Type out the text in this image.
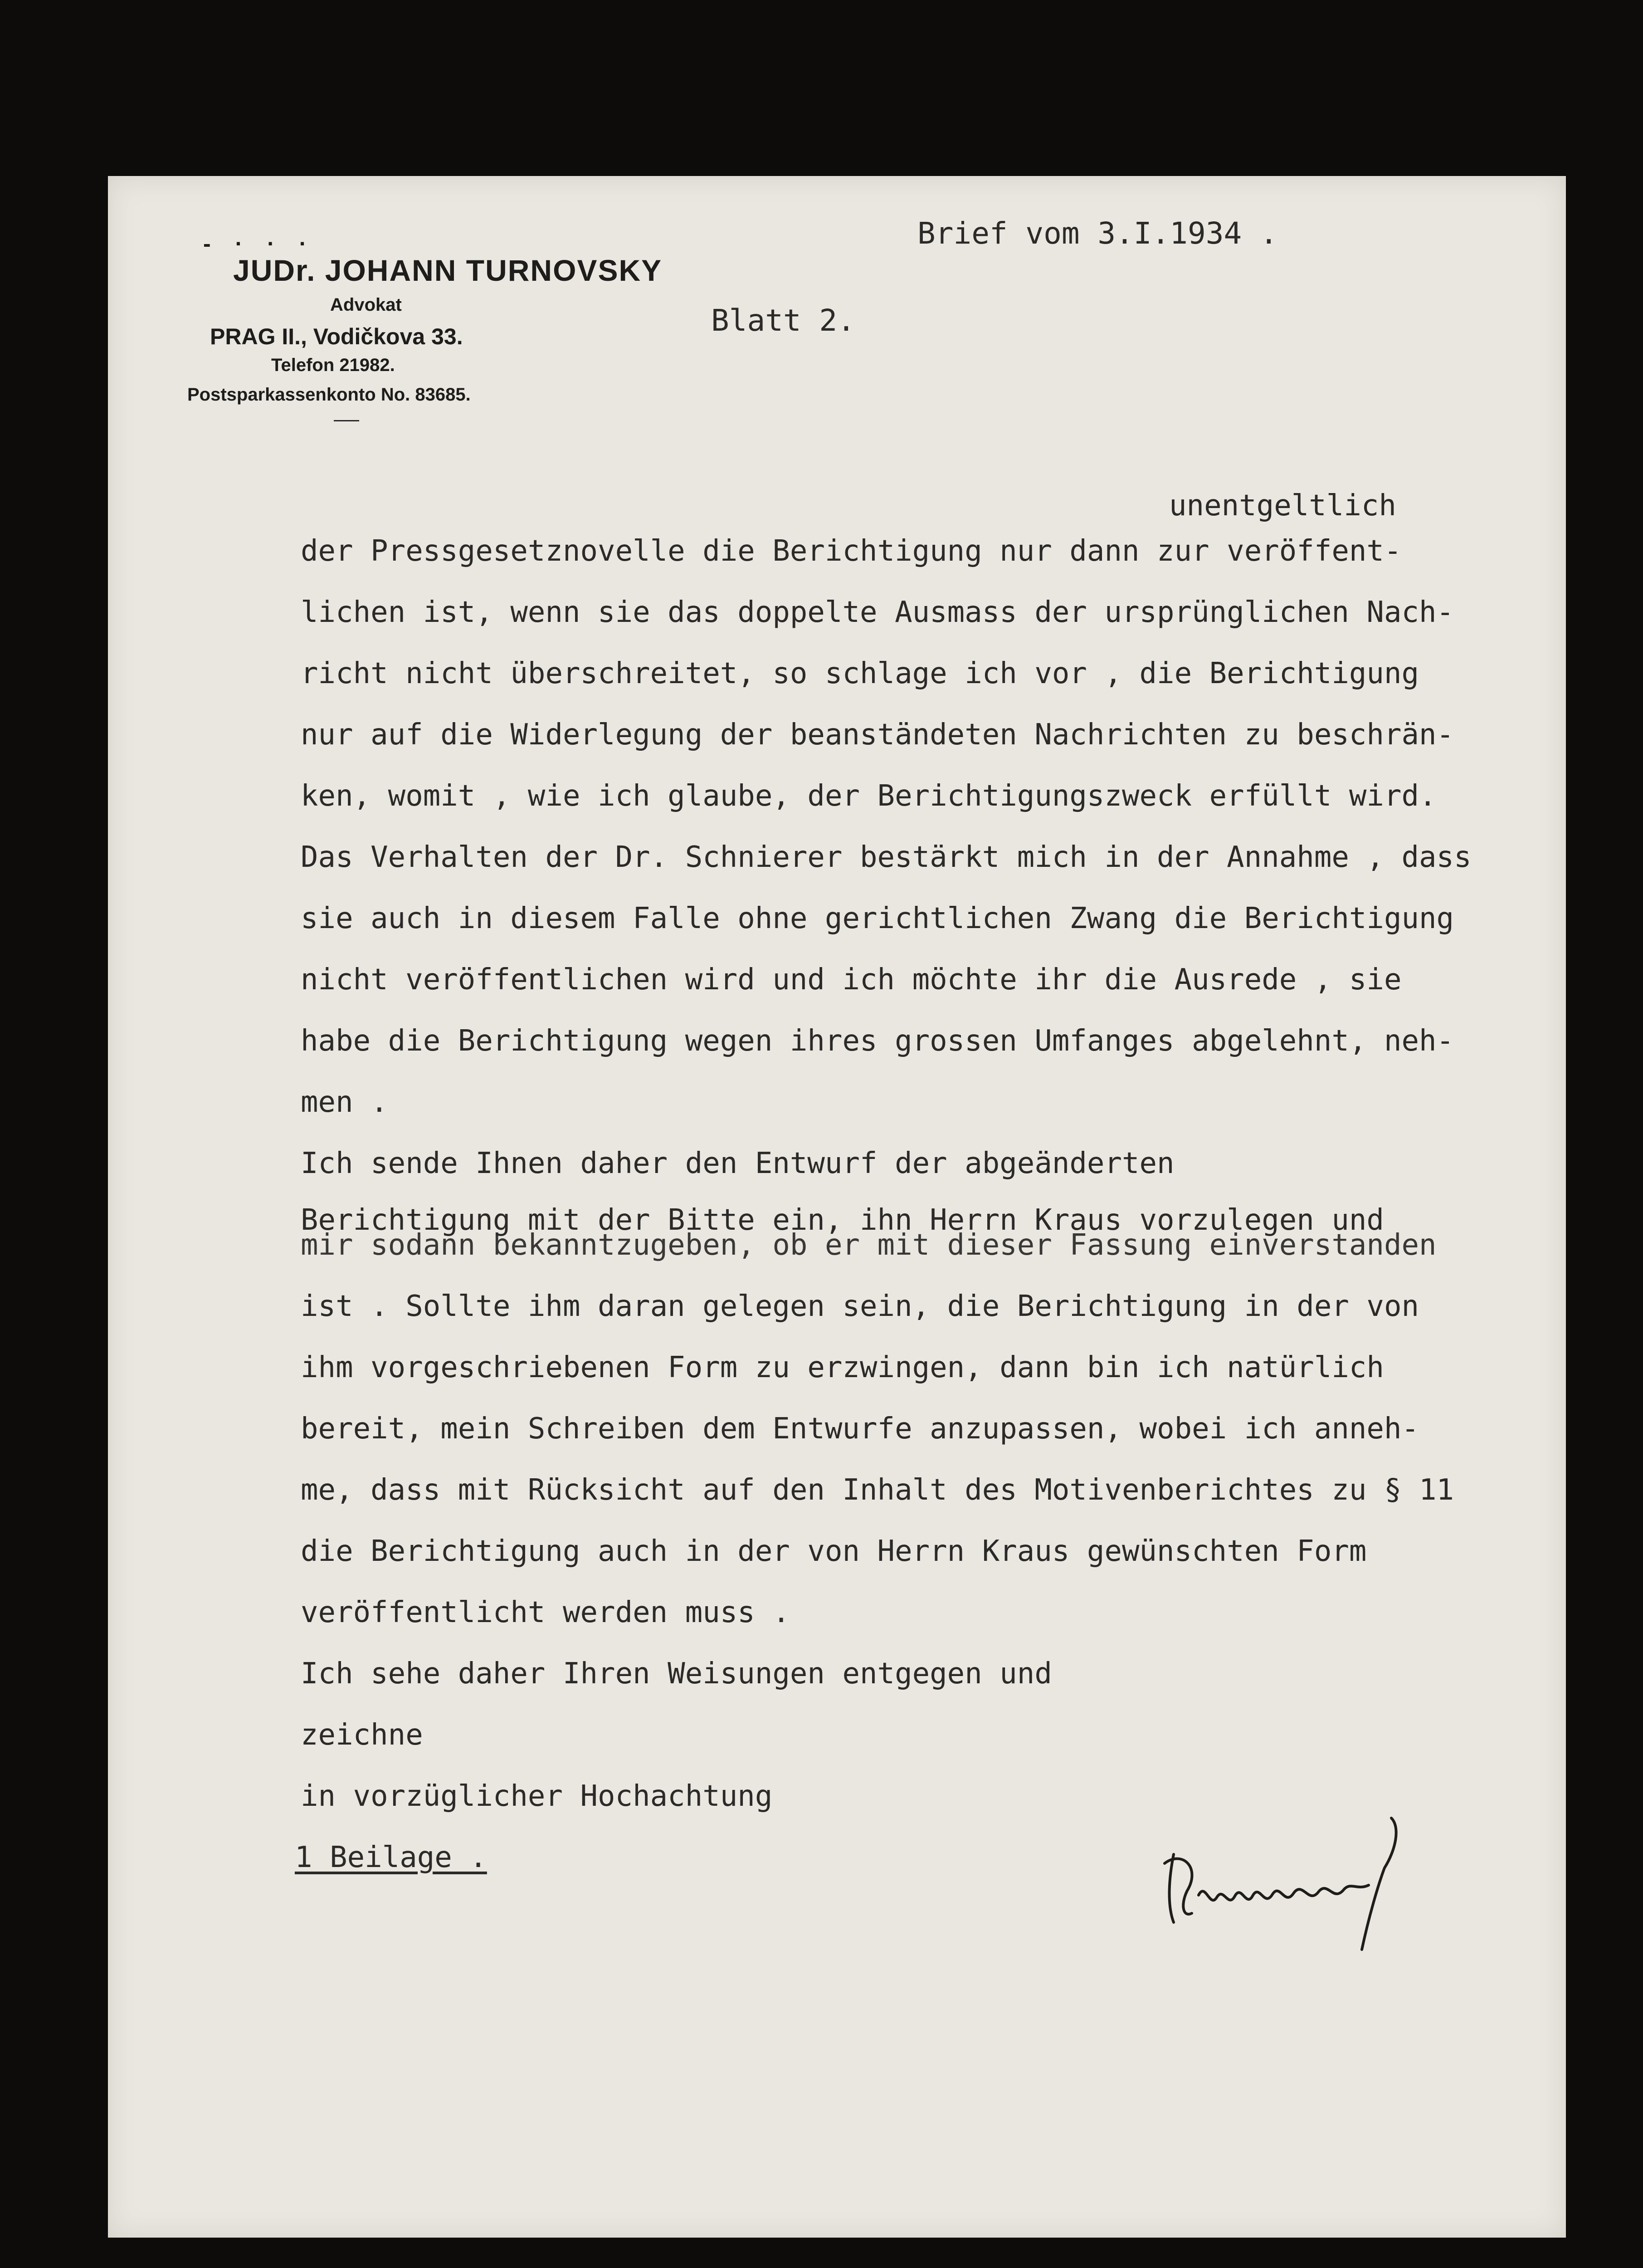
- · · ·
JUDr. JOHANN TURNOVSKY
Advokat
PRAG II., Vodičkova 33.
Telefon 21982.
Postsparkassenkonto No. 83685.
Brief vom 3.I.1934 .
Blatt 2.
unentgeltlich
der Pressgesetznovelle die Berichtigung nur dann zur veröffent-
lichen ist, wenn sie das doppelte Ausmass der ursprünglichen Nach-
richt nicht überschreitet, so schlage ich vor , die Berichtigung
nur auf die Widerlegung der beanständeten Nachrichten zu beschrän-
ken, womit , wie ich glaube, der Berichtigungszweck erfüllt wird.
Das Verhalten der Dr. Schnierer bestärkt mich in der Annahme , dass
sie auch in diesem Falle ohne gerichtlichen Zwang die Berichtigung
nicht veröffentlichen wird und ich möchte ihr die Ausrede , sie
habe die Berichtigung wegen ihres grossen Umfanges abgelehnt, neh-
men .
Ich sende Ihnen daher den Entwurf der abgeänderten
Berichtigung mit der Bitte ein, ihn Herrn Kraus vorzulegen und
mir sodann bekanntzugeben, ob er mit dieser Fassung einverstanden
ist . Sollte ihm daran gelegen sein, die Berichtigung in der von
ihm vorgeschriebenen Form zu erzwingen, dann bin ich natürlich
bereit, mein Schreiben dem Entwurfe anzupassen, wobei ich anneh-
me, dass mit Rücksicht auf den Inhalt des Motivenberichtes zu § 11
die Berichtigung auch in der von Herrn Kraus gewünschten Form
veröffentlicht werden muss .
Ich sehe daher Ihren Weisungen entgegen und
zeichne
in vorzüglicher Hochachtung
1 Beilage .
